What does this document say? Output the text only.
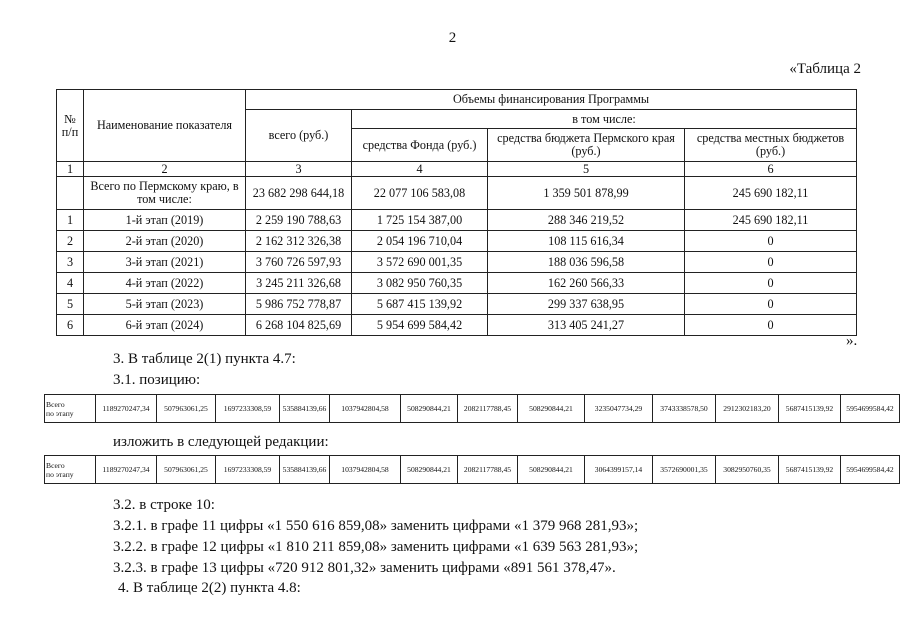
2
«Таблица 2
№
п/п	Наименование показателя	Объемы финансирования Программы			
		всего (руб.)	в том числе:		
			средства Фонда (руб.)	средства бюджета Пермского края (руб.)	средства местных бюджетов (руб.)
1	2	3	4	5	6
	Всего по Пермскому краю, в том числе:	23 682 298 644,18	22 077 106 583,08	1 359 501 878,99	245 690 182,11
1	1-й этап (2019)	2 259 190 788,63	1 725 154 387,00	288 346 219,52	245 690 182,11
2	2-й этап (2020)	2 162 312 326,38	2 054 196 710,04	108 115 616,34	0
3	3-й этап (2021)	3 760 726 597,93	3 572 690 001,35	188 036 596,58	0
4	4-й этап (2022)	3 245 211 326,68	3 082 950 760,35	162 260 566,33	0
5	5-й этап (2023)	5 986 752 778,87	5 687 415 139,92	299 337 638,95	0
6	6-й этап (2024)	6 268 104 825,69	5 954 699 584,42	313 405 241,27	0
».
3. В таблице 2(1) пункта 4.7:
3.1. позицию:
Всего
по этапу	1189270247,34	507963061,25	1697233308,59	535884139,66	1037942804,58	508290844,21	2082117788,45	508290844,21	3235047734,29	3743338578,50	2912302183,20	5687415139,92	5954699584,42
изложить в следующей редакции:
Всего
по этапу	1189270247,34	507963061,25	1697233308,59	535884139,66	1037942804,58	508290844,21	2082117788,45	508290844,21	3064399157,14	3572690001,35	3082950760,35	5687415139,92	5954699584,42
3.2. в строке 10:
3.2.1. в графе 11 цифры «1 550 616 859,08» заменить цифрами «1 379 968 281,93»;
3.2.2. в графе 12 цифры «1 810 211 859,08» заменить цифрами «1 639 563 281,93»;
3.2.3. в графе 13 цифры «720 912 801,32» заменить цифрами «891 561 378,47».
4. В таблице 2(2) пункта 4.8:
